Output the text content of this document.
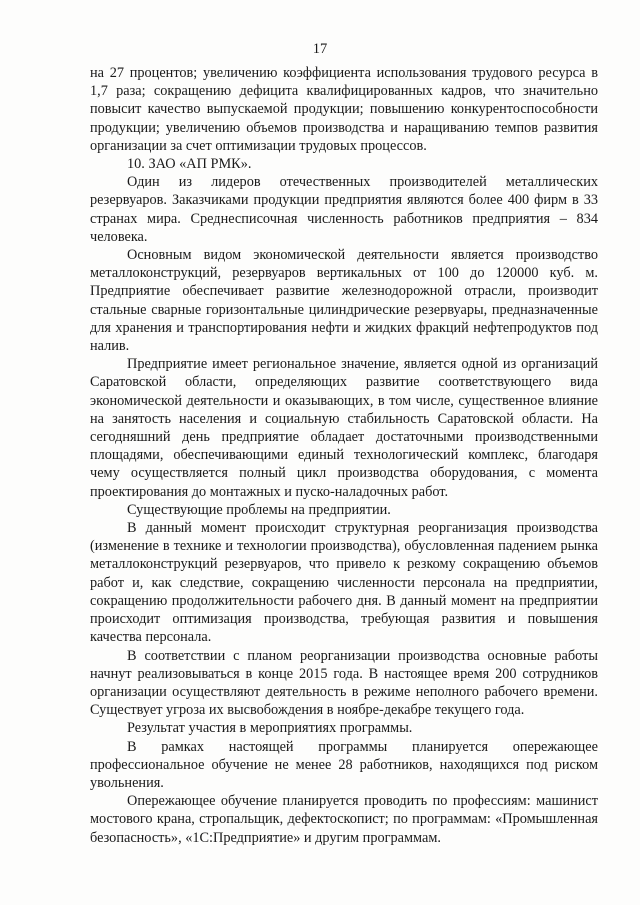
17

на 27 процентов; увеличению коэффициента использования трудового ресурса в 1,7 раза; сокращению дефицита квалифицированных кадров, что значительно повысит качество выпускаемой продукции; повышению конкурентоспособности продукции; увеличению объемов производства и наращиванию темпов развития организации за счет оптимизации трудовых процессов.

10. ЗАО «АП РМК».

Один из лидеров отечественных производителей металлических резервуаров. Заказчиками продукции предприятия являются более 400 фирм в 33 странах мира. Среднесписочная численность работников предприятия – 834 человека.

Основным видом экономической деятельности является производство металлоконструкций, резервуаров вертикальных от 100 до 120000 куб. м. Предприятие обеспечивает развитие железнодорожной отрасли, производит стальные сварные горизонтальные цилиндрические резервуары, предназначенные для хранения и транспортирования нефти и жидких фракций нефтепродуктов под налив.

Предприятие имеет региональное значение, является одной из организаций Саратовской области, определяющих развитие соответствующего вида экономической деятельности и оказывающих, в том числе, существенное влияние на занятость населения и социальную стабильность Саратовской области. На сегодняшний день предприятие обладает достаточными производственными площадями, обеспечивающими единый технологический комплекс, благодаря чему осуществляется полный цикл производства оборудования, с момента проектирования до монтажных и пуско-наладочных работ.

Существующие проблемы на предприятии.

В данный момент происходит структурная реорганизация производства (изменение в технике и технологии производства), обусловленная падением рынка металлоконструкций резервуаров, что привело к резкому сокращению объемов работ и, как следствие, сокращению численности персонала на предприятии, сокращению продолжительности рабочего дня. В данный момент на предприятии происходит оптимизация производства, требующая развития и повышения качества персонала.

В соответствии с планом реорганизации производства основные работы начнут реализовываться в конце 2015 года. В настоящее время 200 сотрудников организации осуществляют деятельность в режиме неполного рабочего времени. Существует угроза их высвобождения в ноябре-декабре текущего года.

Результат участия в мероприятиях программы.

В рамках настоящей программы планируется опережающее профессиональное обучение не менее 28 работников, находящихся под риском увольнения.

Опережающее обучение планируется проводить по профессиям: машинист мостового крана, стропальщик, дефектоскопист; по программам: «Промышленная безопасность», «1С:Предприятие» и другим программам.
